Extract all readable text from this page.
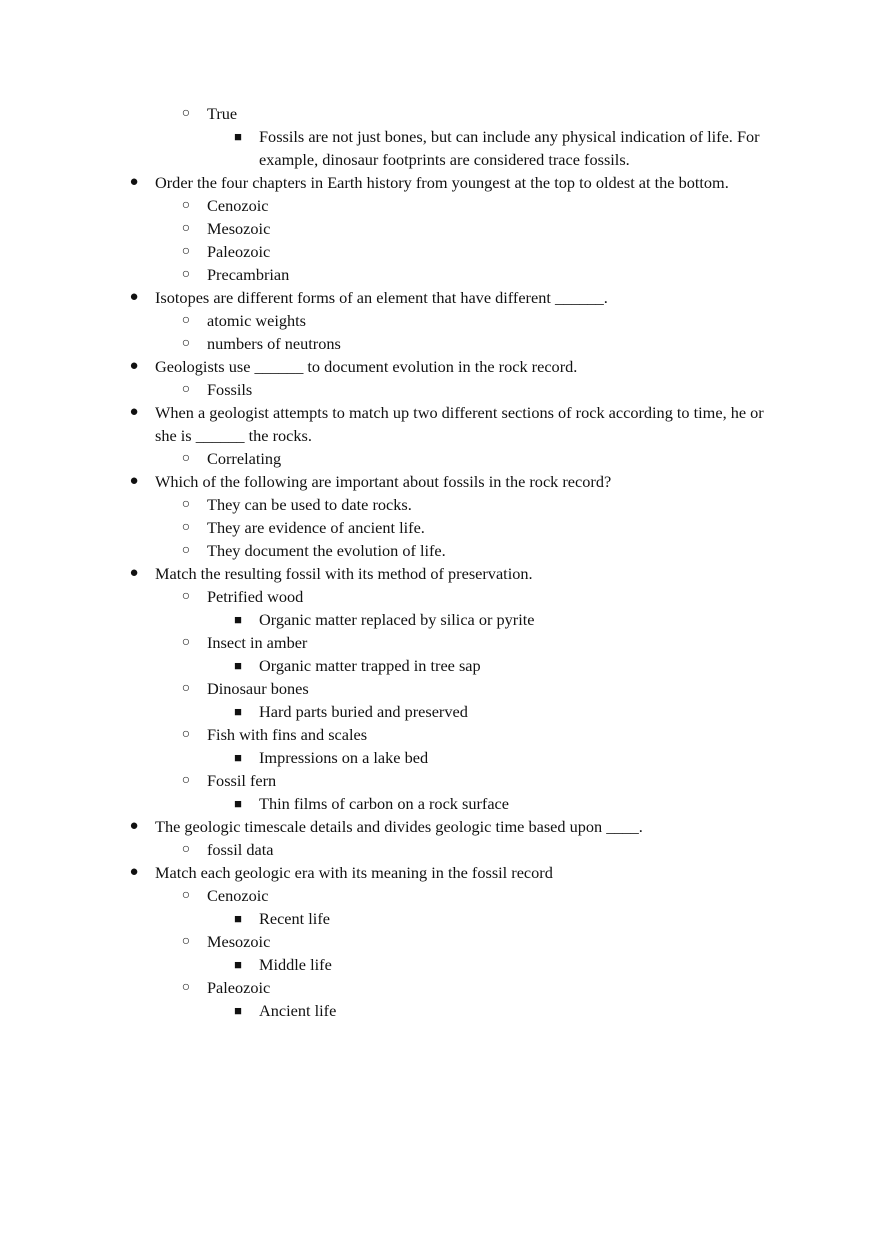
○ True
■ Fossils are not just bones, but can include any physical indication of life. For example, dinosaur footprints are considered trace fossils.
● Order the four chapters in Earth history from youngest at the top to oldest at the bottom.
○ Cenozoic
○ Mesozoic
○ Paleozoic
○ Precambrian
● Isotopes are different forms of an element that have different ______.
○ atomic weights
○ numbers of neutrons
● Geologists use ______ to document evolution in the rock record.
○ Fossils
● When a geologist attempts to match up two different sections of rock according to time, he or she is ______ the rocks.
○ Correlating
● Which of the following are important about fossils in the rock record?
○ They can be used to date rocks.
○ They are evidence of ancient life.
○ They document the evolution of life.
● Match the resulting fossil with its method of preservation.
○ Petrified wood
■ Organic matter replaced by silica or pyrite
○ Insect in amber
■ Organic matter trapped in tree sap
○ Dinosaur bones
■ Hard parts buried and preserved
○ Fish with fins and scales
■ Impressions on a lake bed
○ Fossil fern
■ Thin films of carbon on a rock surface
● The geologic timescale details and divides geologic time based upon ____.
○ fossil data
● Match each geologic era with its meaning in the fossil record
○ Cenozoic
■ Recent life
○ Mesozoic
■ Middle life
○ Paleozoic
■ Ancient life
